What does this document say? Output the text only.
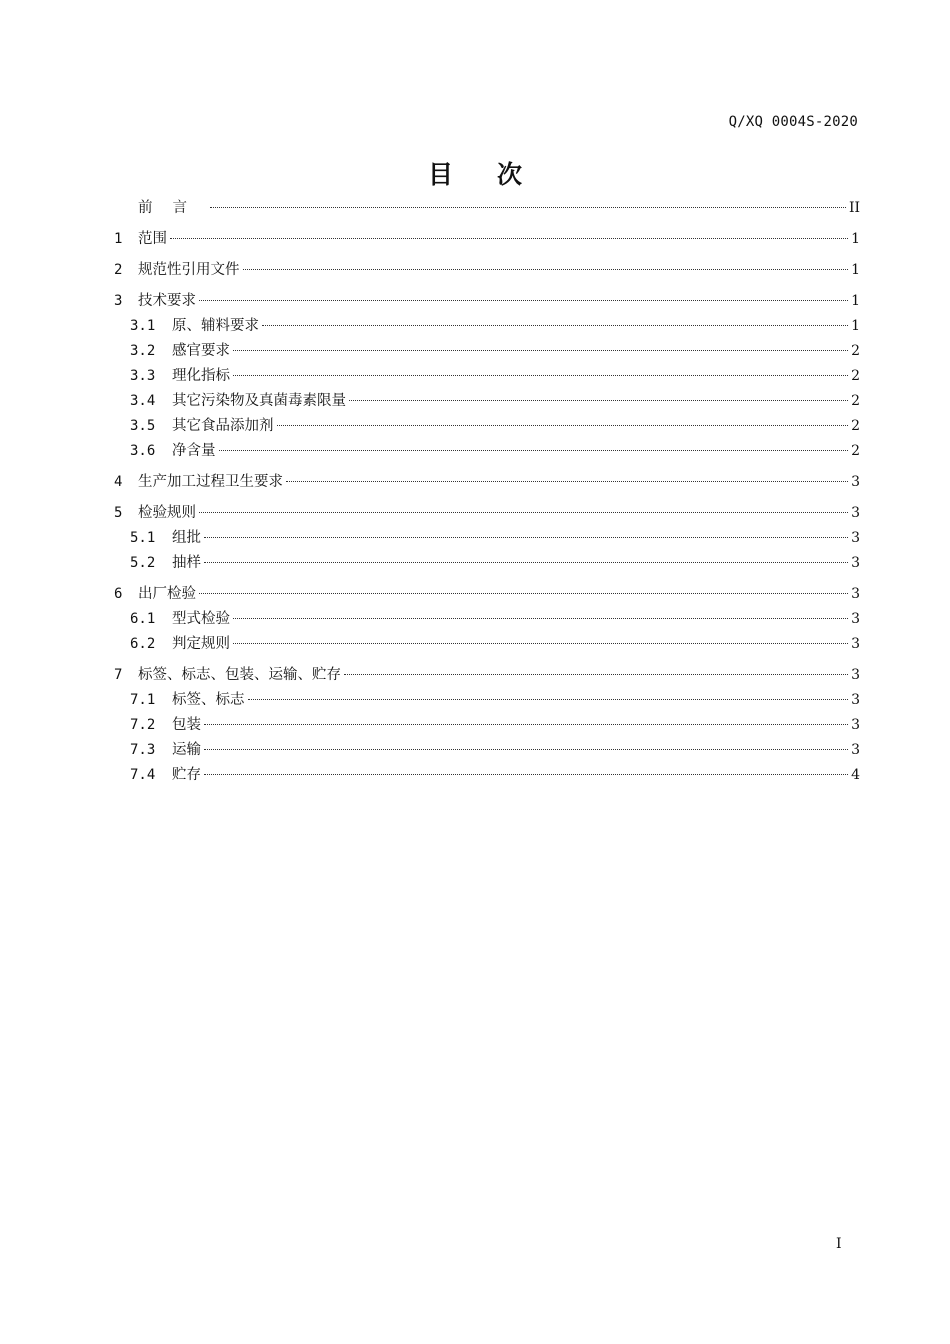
Q/XQ 0004S-2020
目 次
前言	II
1	范围	1
2	规范性引用文件	1
3	技术要求	1
3.1	原、辅料要求	1
3.2	感官要求	2
3.3	理化指标	2
3.4	其它污染物及真菌毒素限量	2
3.5	其它食品添加剂	2
3.6	净含量	2
4	生产加工过程卫生要求	3
5	检验规则	3
5.1	组批	3
5.2	抽样	3
6	出厂检验	3
6.1	型式检验	3
6.2	判定规则	3
7	标签、标志、包装、运输、贮存	3
7.1	标签、标志	3
7.2	包装	3
7.3	运输	3
7.4	贮存	4
I
